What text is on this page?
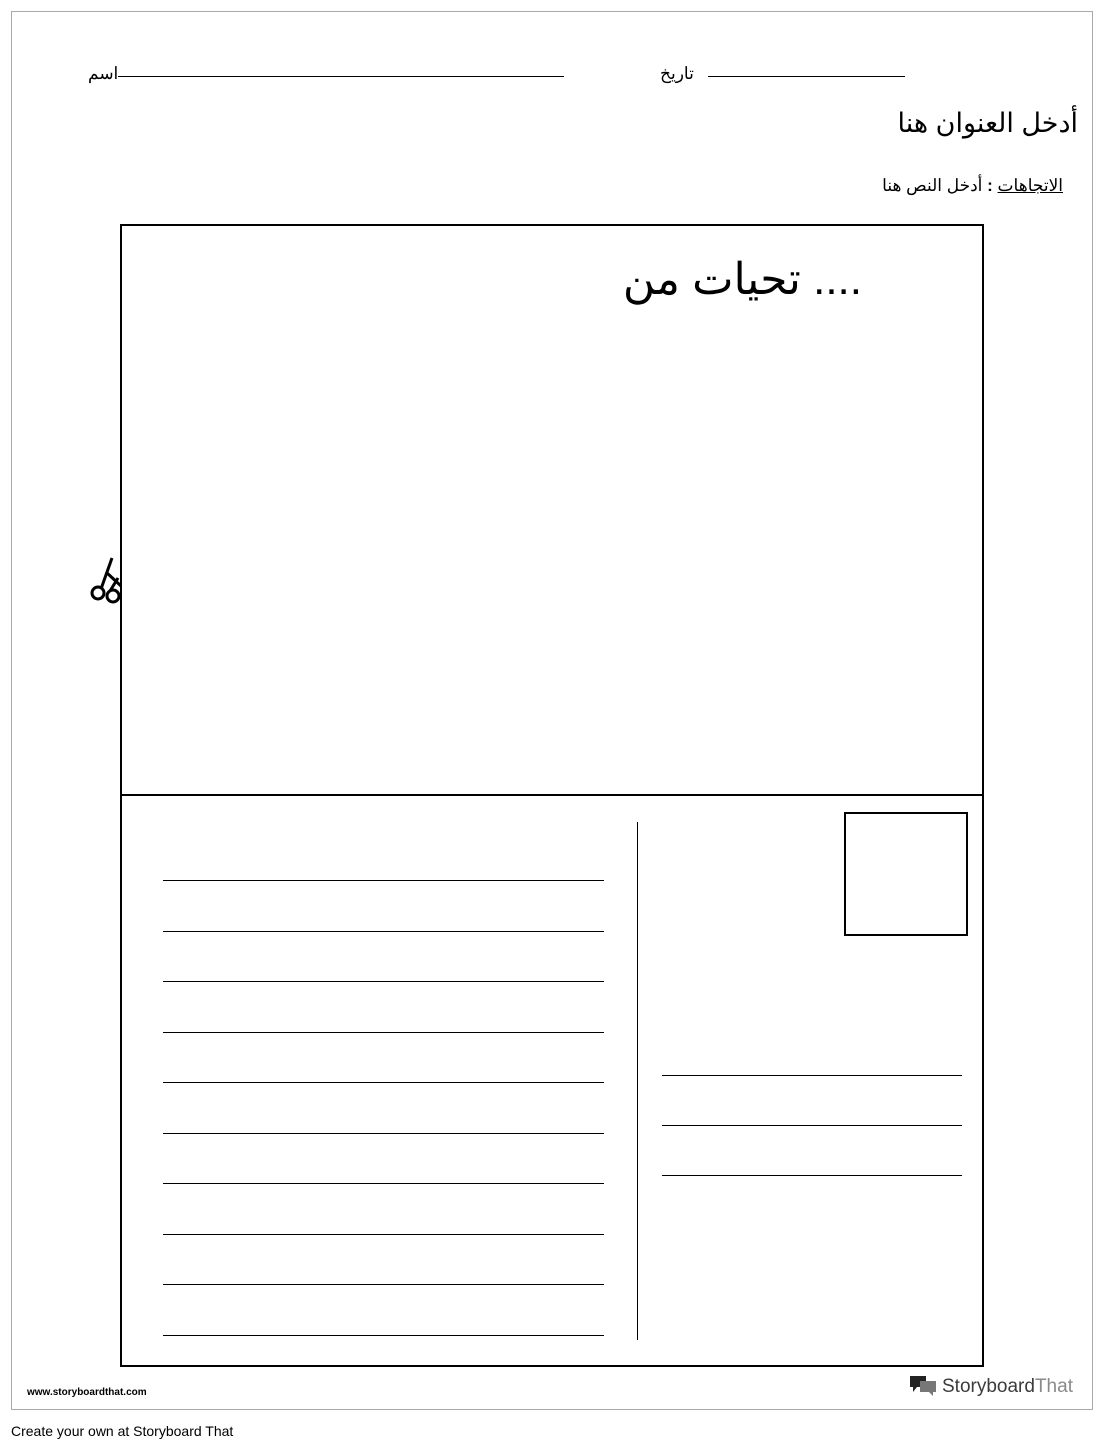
اسم	تاريخ
أدخل العنوان هنا
الاتجاهات : أدخل النص هنا
.... تحيات من
www.storyboardthat.com	StoryboardThat
Create your own at Storyboard That
